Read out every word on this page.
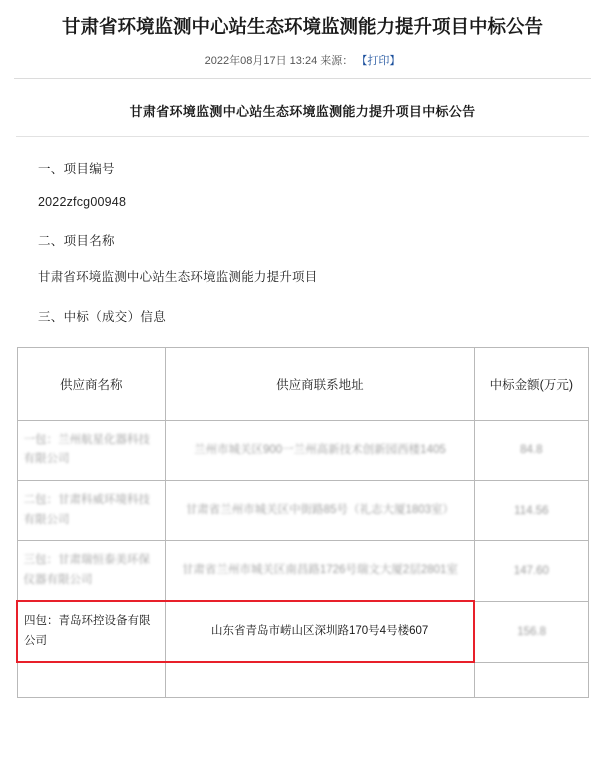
甘肃省环境监测中心站生态环境监测能力提升项目中标公告
2022年08月17日 13:24 来源： 【打印】
甘肃省环境监测中心站生态环境监测能力提升项目中标公告
一、项目编号
2022zfcg00948
二、项目名称
甘肃省环境监测中心站生态环境监测能力提升项目
三、中标（成交）信息
供应商名称	供应商联系地址	中标金额(万元)
一包：兰州航星化器科技有限公司	兰州市城关区900一兰州高新技术创新园西楼1405	84.8
二包：甘肃科威环境科技有限公司	甘肃省兰州市城关区中街路85号（礼志大厦1803室）	114.56
三包：甘肃瑞恒泰美环保仪器有限公司	甘肃省兰州市城关区南昌路1726号瑞文大厦2层2801室	147.60
四包：青岛环控设备有限公司	山东省青岛市崂山区深圳路170号4号楼607	156.8
